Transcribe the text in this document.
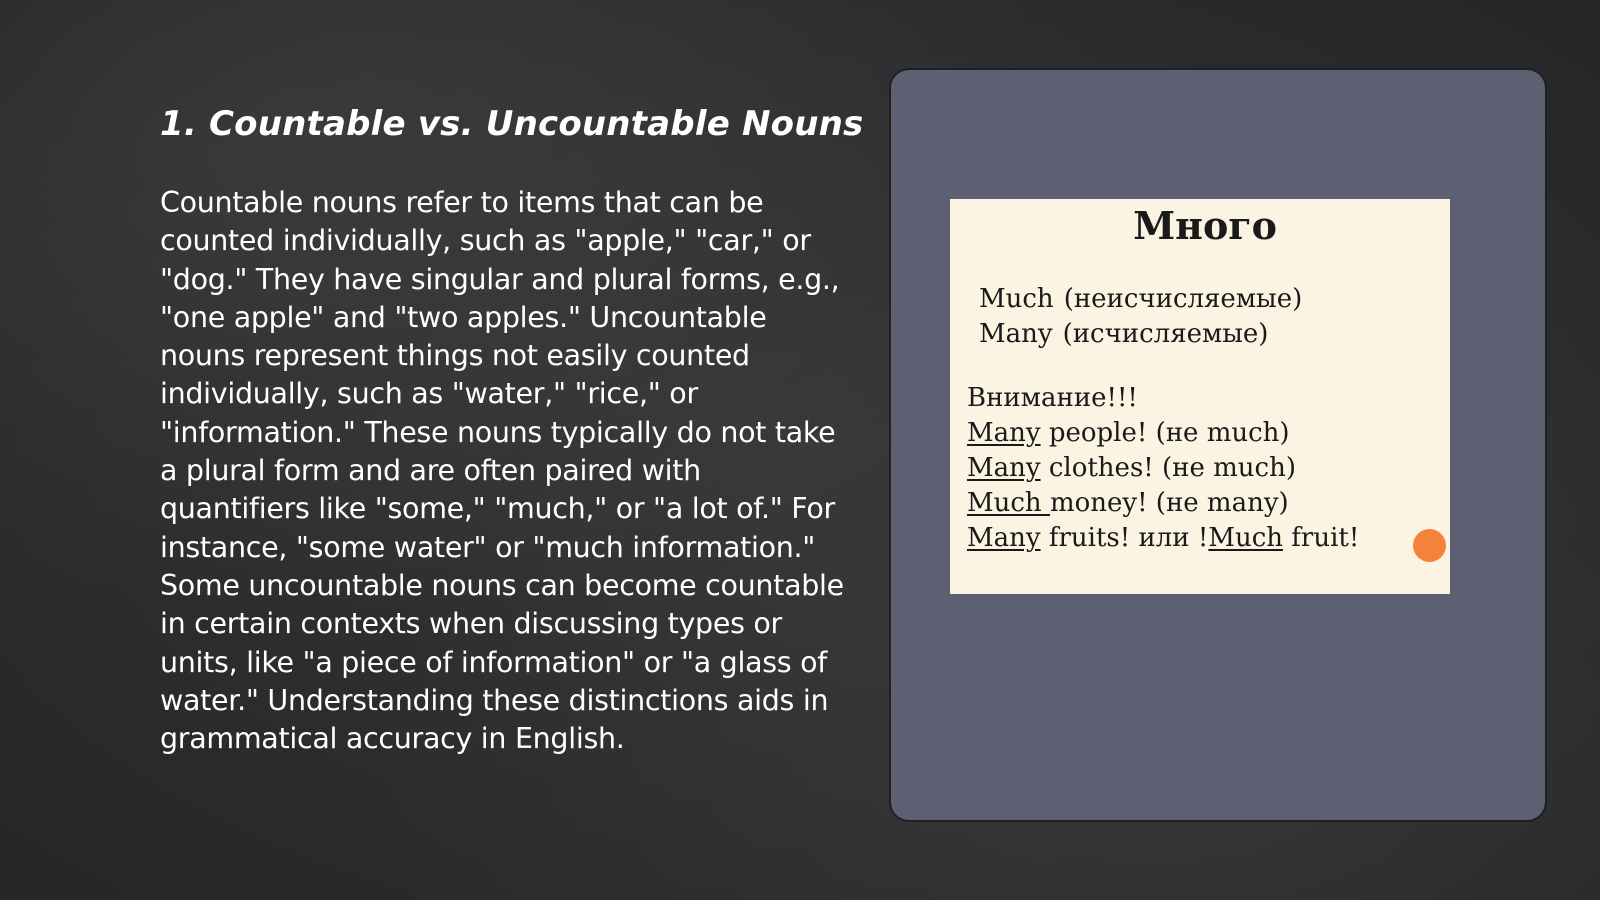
1. Countable vs. Uncountable Nouns

Countable nouns refer to items that can be counted individually, such as "apple," "car," or "dog." They have singular and plural forms, e.g., "one apple" and "two apples." Uncountable nouns represent things not easily counted individually, such as "water," "rice," or "information." These nouns typically do not take a plural form and are often paired with quantifiers like "some," "much," or "a lot of." For instance, "some water" or "much information." Some uncountable nouns can become countable in certain contexts when discussing types or units, like "a piece of information" or "a glass of water." Understanding these distinctions aids in grammatical accuracy in English.

Много

Much (неисчисляемые)

Many (исчисляемые)

Внимание!!!

Many people! (не much)

Many clothes! (не much)

Much money! (не many)

Many fruits! или !Much fruit!
